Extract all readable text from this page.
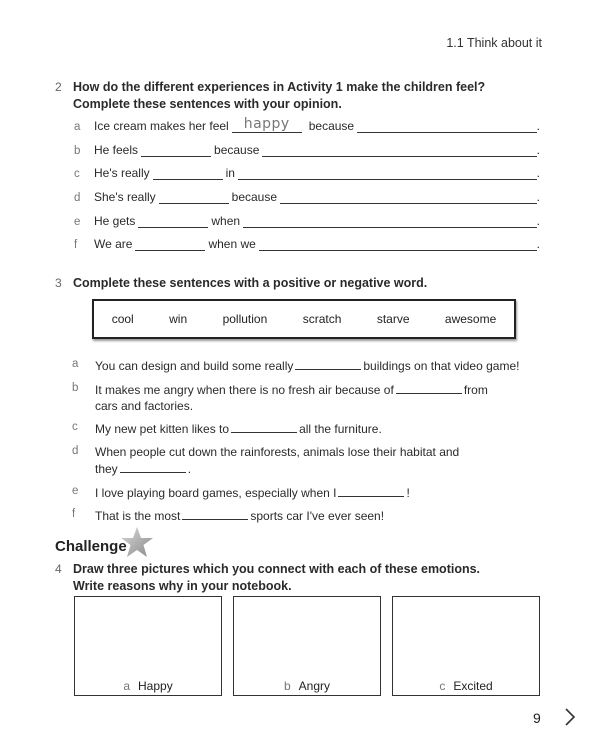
1.1 Think about it
2 How do the different experiences in Activity 1 make the children feel?
Complete these sentences with your opinion.
a Ice cream makes her feel	happy	because	.
b He feels	because	.
c He's really	in	.
d She's really	because	.
e He gets	when	.
f We are	when we	.
3 Complete these sentences with a positive or negative word.
cool	win	pollution	scratch	starve	awesome
a You can design and build some really	buildings on that video game!
b It makes me angry when there is no fresh air because of	from
cars and factories.
c My new pet kitten likes to	all the furniture.
d When people cut down the rainforests, animals lose their habitat and
they	.
e I love playing board games, especially when I	!
f That is the most	sports car I've ever seen!
Challenge
4 Draw three pictures which you connect with each of these emotions.
Write reasons why in your notebook.
a Happy	b Angry	c Excited
9
